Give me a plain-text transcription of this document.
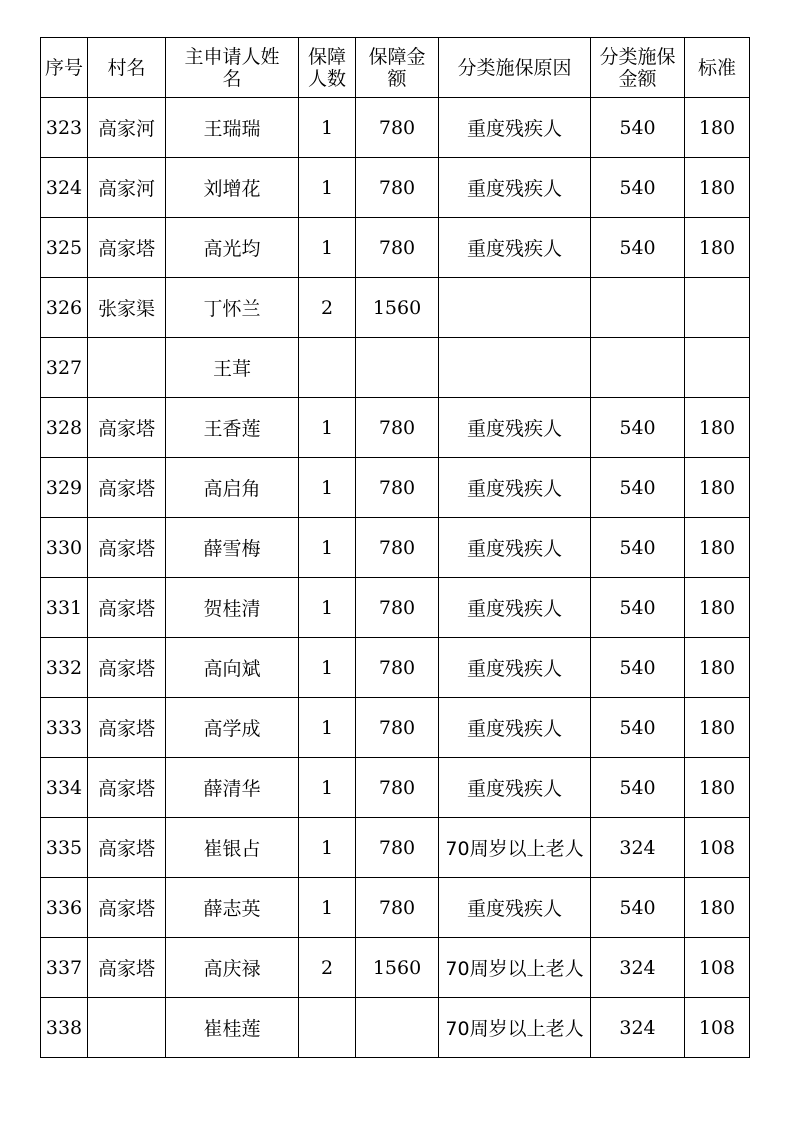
序号	村名	主申请人姓名	保障人数	保障金额	分类施保原因	分类施保金额	标准
323	高家河	王瑞瑞	1	780	重度残疾人	540	180
324	高家河	刘增花	1	780	重度残疾人	540	180
325	高家塔	高光均	1	780	重度残疾人	540	180
326	张家渠	丁怀兰	2	1560			
327		王茸					
328	高家塔	王香莲	1	780	重度残疾人	540	180
329	高家塔	高启角	1	780	重度残疾人	540	180
330	高家塔	薛雪梅	1	780	重度残疾人	540	180
331	高家塔	贺桂清	1	780	重度残疾人	540	180
332	高家塔	高向斌	1	780	重度残疾人	540	180
333	高家塔	高学成	1	780	重度残疾人	540	180
334	高家塔	薛清华	1	780	重度残疾人	540	180
335	高家塔	崔银占	1	780	70周岁以上老人	324	108
336	高家塔	薛志英	1	780	重度残疾人	540	180
337	高家塔	高庆禄	2	1560	70周岁以上老人	324	108
338		崔桂莲			70周岁以上老人	324	108
